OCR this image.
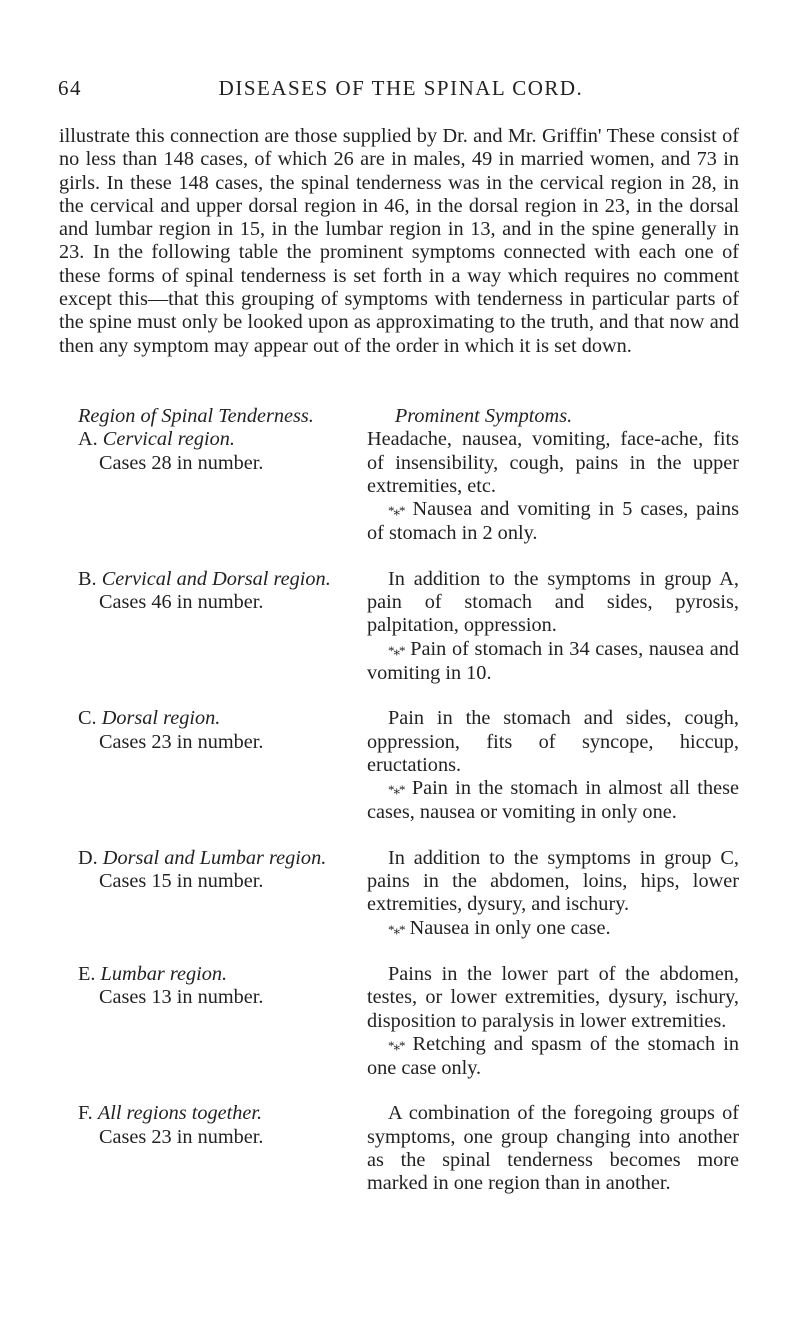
64	DISEASES OF THE SPINAL CORD.

illustrate this connection are those supplied by Dr. and Mr. Griffin' These consist of no less than 148 cases, of which 26 are in males, 49 in married women, and 73 in girls. In these 148 cases, the spinal tenderness was in the cervical region in 28, in the cervical and upper dorsal region in 46, in the dorsal region in 23, in the dorsal and lumbar region in 15, in the lumbar region in 13, and in the spine generally in 23. In the following table the prominent symptoms connected with each one of these forms of spinal tenderness is set forth in a way which requires no comment except this—that this grouping of symptoms with tenderness in particular parts of the spine must only be looked upon as approximating to the truth, and that now and then any symptom may appear out of the order in which it is set down.

Region of Spinal Tenderness.	Prominent Symptoms.
A. Cervical region.
Cases 28 in number.

Headache, nausea, vomiting, face-ache, fits of insensibility, cough, pains in the upper extremities, etc.

*⁎* Nausea and vomiting in 5 cases, pains of stomach in 2 only.

B. Cervical and Dorsal region.
Cases 46 in number.

In addition to the symptoms in group A, pain of stomach and sides, pyrosis, palpitation, oppression.

*⁎* Pain of stomach in 34 cases, nausea and vomiting in 10.

C. Dorsal region.
Cases 23 in number.

Pain in the stomach and sides, cough, oppression, fits of syncope, hiccup, eructations.

*⁎* Pain in the stomach in almost all these cases, nausea or vomiting in only one.

D. Dorsal and Lumbar region.
Cases 15 in number.

In addition to the symptoms in group C, pains in the abdomen, loins, hips, lower extremities, dysury, and ischury.

*⁎* Nausea in only one case.

E. Lumbar region.
Cases 13 in number.

Pains in the lower part of the abdomen, testes, or lower extremities, dysury, ischury, disposition to paralysis in lower extremities.

*⁎* Retching and spasm of the stomach in one case only.

F. All regions together.
Cases 23 in number.

A combination of the foregoing groups of symptoms, one group changing into another as the spinal tenderness becomes more marked in one region than in another.
